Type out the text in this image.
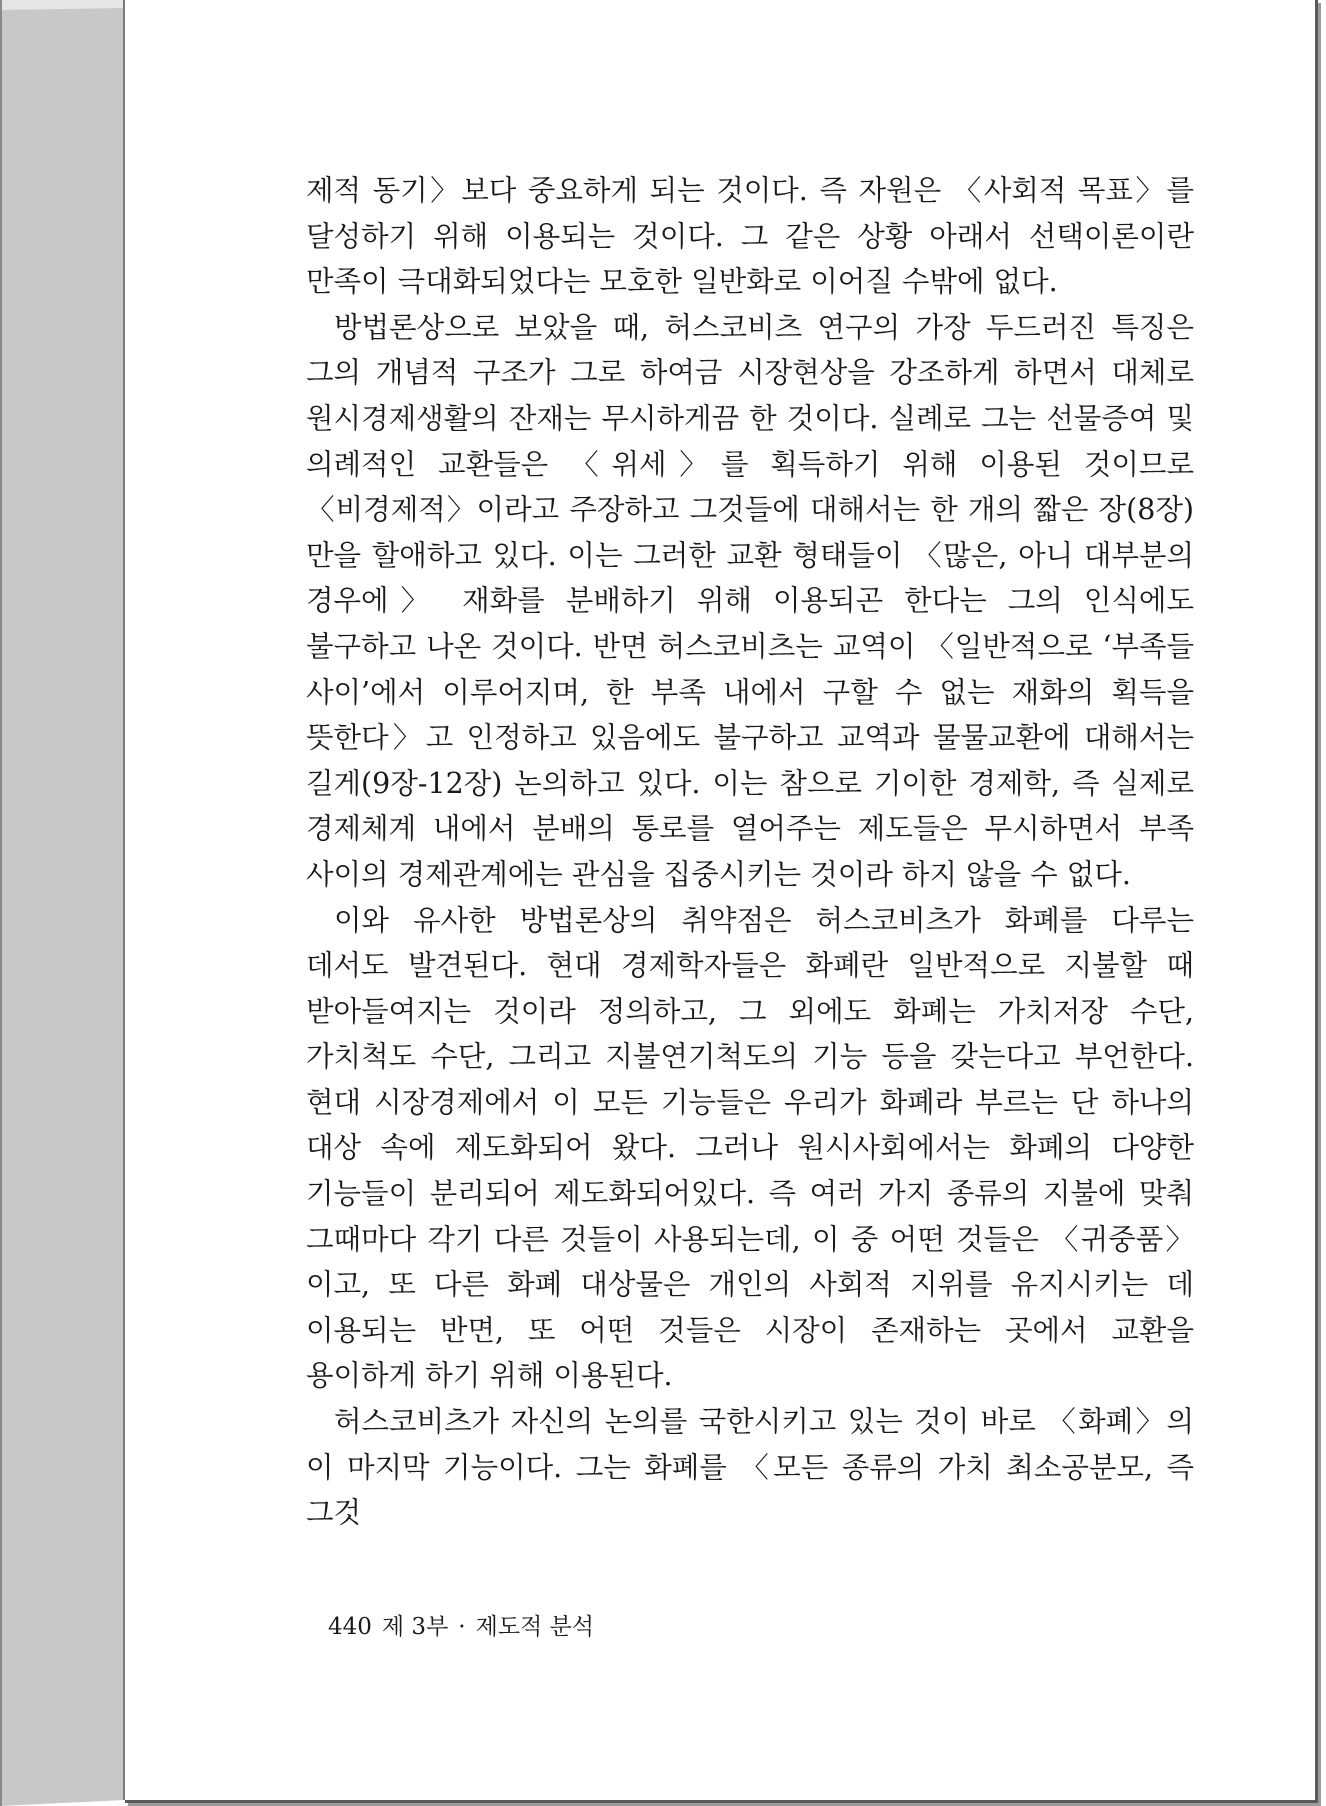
제적 동기〉보다 중요하게 되는 것이다. 즉 자원은 〈사회적 목표〉를 달성하기 위해 이용되는 것이다. 그 같은 상황 아래서 선택이론이란 만족이 극대화되었다는 모호한 일반화로 이어질 수밖에 없다.

방법론상으로 보았을 때, 허스코비츠 연구의 가장 두드러진 특징은 그의 개념적 구조가 그로 하여금 시장현상을 강조하게 하면서 대체로 원시경제생활의 잔재는 무시하게끔 한 것이다. 실례로 그는 선물증여 및 의례적인 교환들은 〈위세〉를 획득하기 위해 이용된 것이므로 〈비경제적〉이라고 주장하고 그것들에 대해서는 한 개의 짧은 장(8장)만을 할애하고 있다. 이는 그러한 교환 형태들이 〈많은, 아니 대부분의 경우에〉 재화를 분배하기 위해 이용되곤 한다는 그의 인식에도 불구하고 나온 것이다. 반면 허스코비츠는 교역이 〈일반적으로 ‘부족들 사이’에서 이루어지며, 한 부족 내에서 구할 수 없는 재화의 획득을 뜻한다〉고 인정하고 있음에도 불구하고 교역과 물물교환에 대해서는 길게(9장-12장) 논의하고 있다. 이는 참으로 기이한 경제학, 즉 실제로 경제체계 내에서 분배의 통로를 열어주는 제도들은 무시하면서 부족 사이의 경제관계에는 관심을 집중시키는 것이라 하지 않을 수 없다.

이와 유사한 방법론상의 취약점은 허스코비츠가 화폐를 다루는 데서도 발견된다. 현대 경제학자들은 화폐란 일반적으로 지불할 때 받아들여지는 것이라 정의하고, 그 외에도 화폐는 가치저장 수단, 가치척도 수단, 그리고 지불연기척도의 기능 등을 갖는다고 부언한다. 현대 시장경제에서 이 모든 기능들은 우리가 화폐라 부르는 단 하나의 대상 속에 제도화되어 왔다. 그러나 원시사회에서는 화폐의 다양한 기능들이 분리되어 제도화되어있다. 즉 여러 가지 종류의 지불에 맞춰 그때마다 각기 다른 것들이 사용되는데, 이 중 어떤 것들은 〈귀중품〉이고, 또 다른 화폐 대상물은 개인의 사회적 지위를 유지시키는 데 이용되는 반면, 또 어떤 것들은 시장이 존재하는 곳에서 교환을 용이하게 하기 위해 이용된다.

허스코비츠가 자신의 논의를 국한시키고 있는 것이 바로 〈화폐〉의 이 마지막 기능이다. 그는 화폐를 〈모든 종류의 가치 최소공분모, 즉 그것

440 제 3부 · 제도적 분석
